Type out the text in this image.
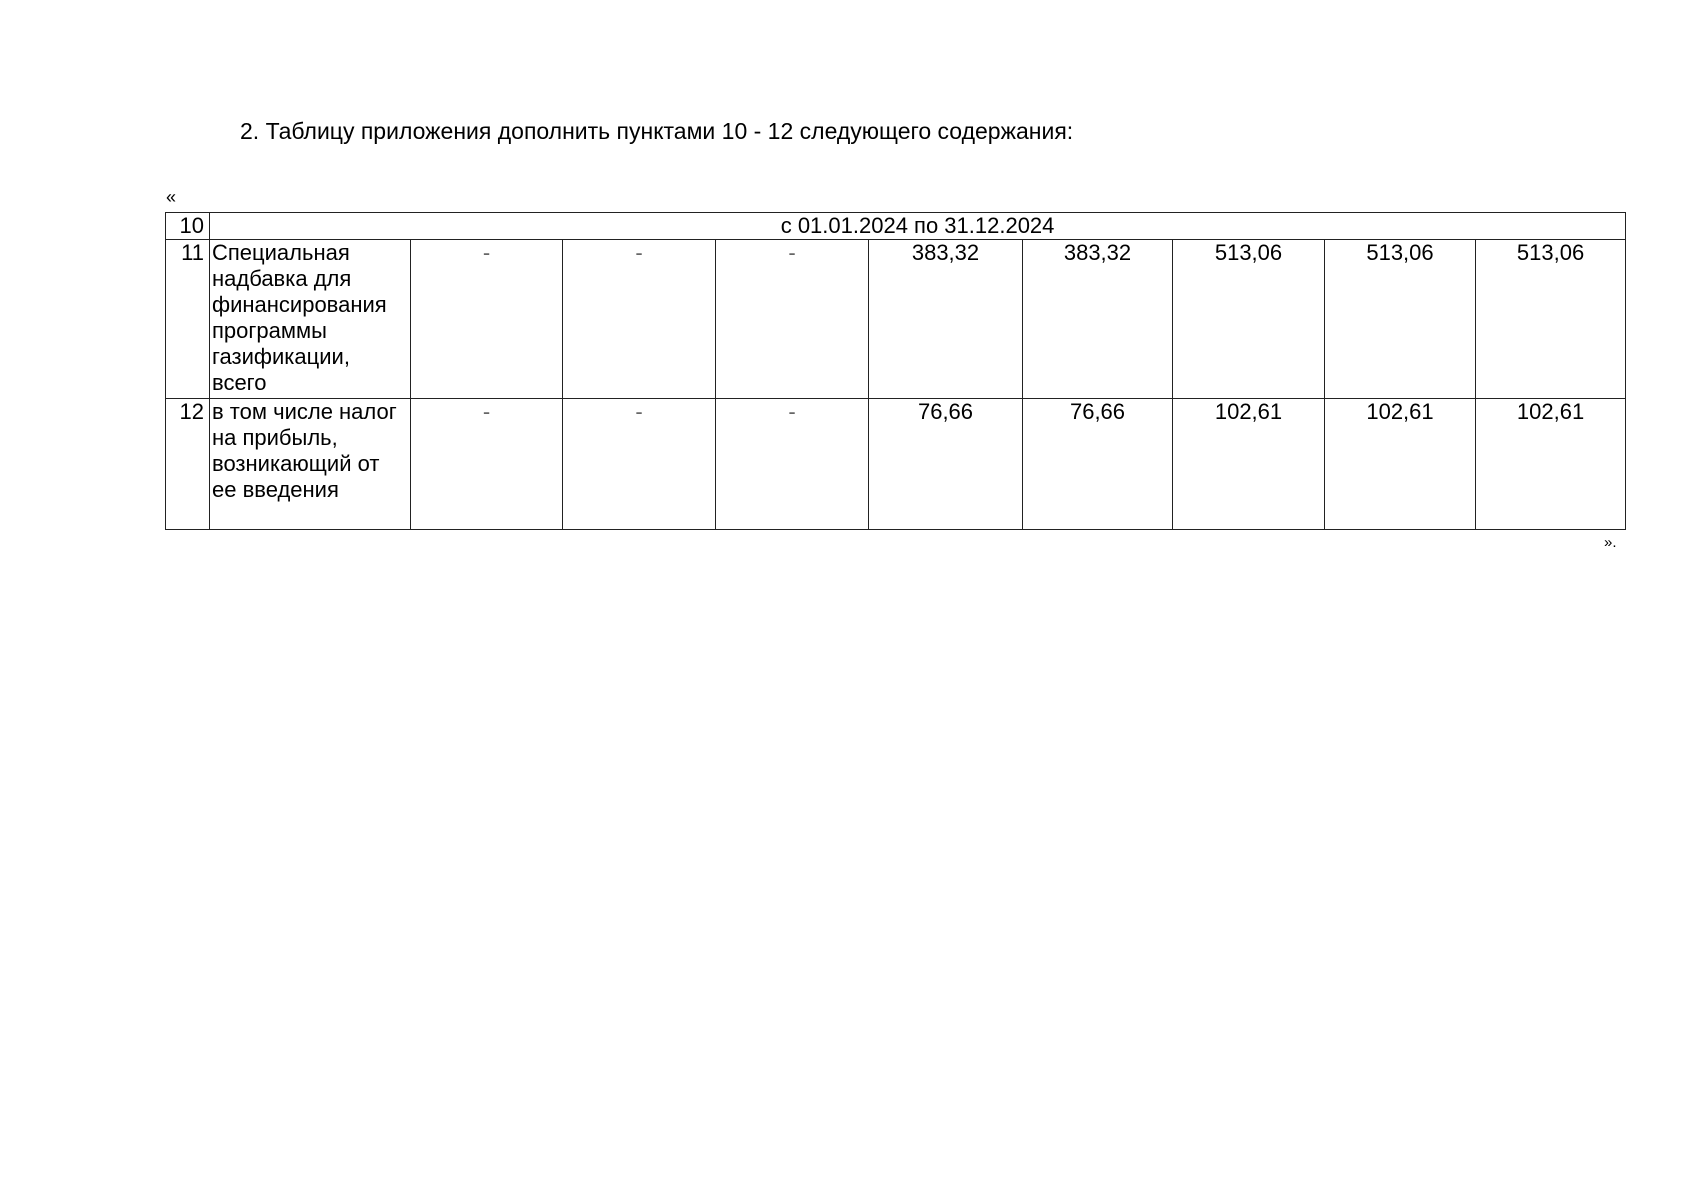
2. Таблицу приложения дополнить пунктами 10 - 12 следующего содержания:
«
10	с 01.01.2024 по 31.12.2024								
11	Специальная надбавка для финансирования программы газификации, всего	-	-	-	383,32	383,32	513,06	513,06	513,06
12	в том числе налог на прибыль, возникающий от ее введения	-	-	-	76,66	76,66	102,61	102,61	102,61
».
